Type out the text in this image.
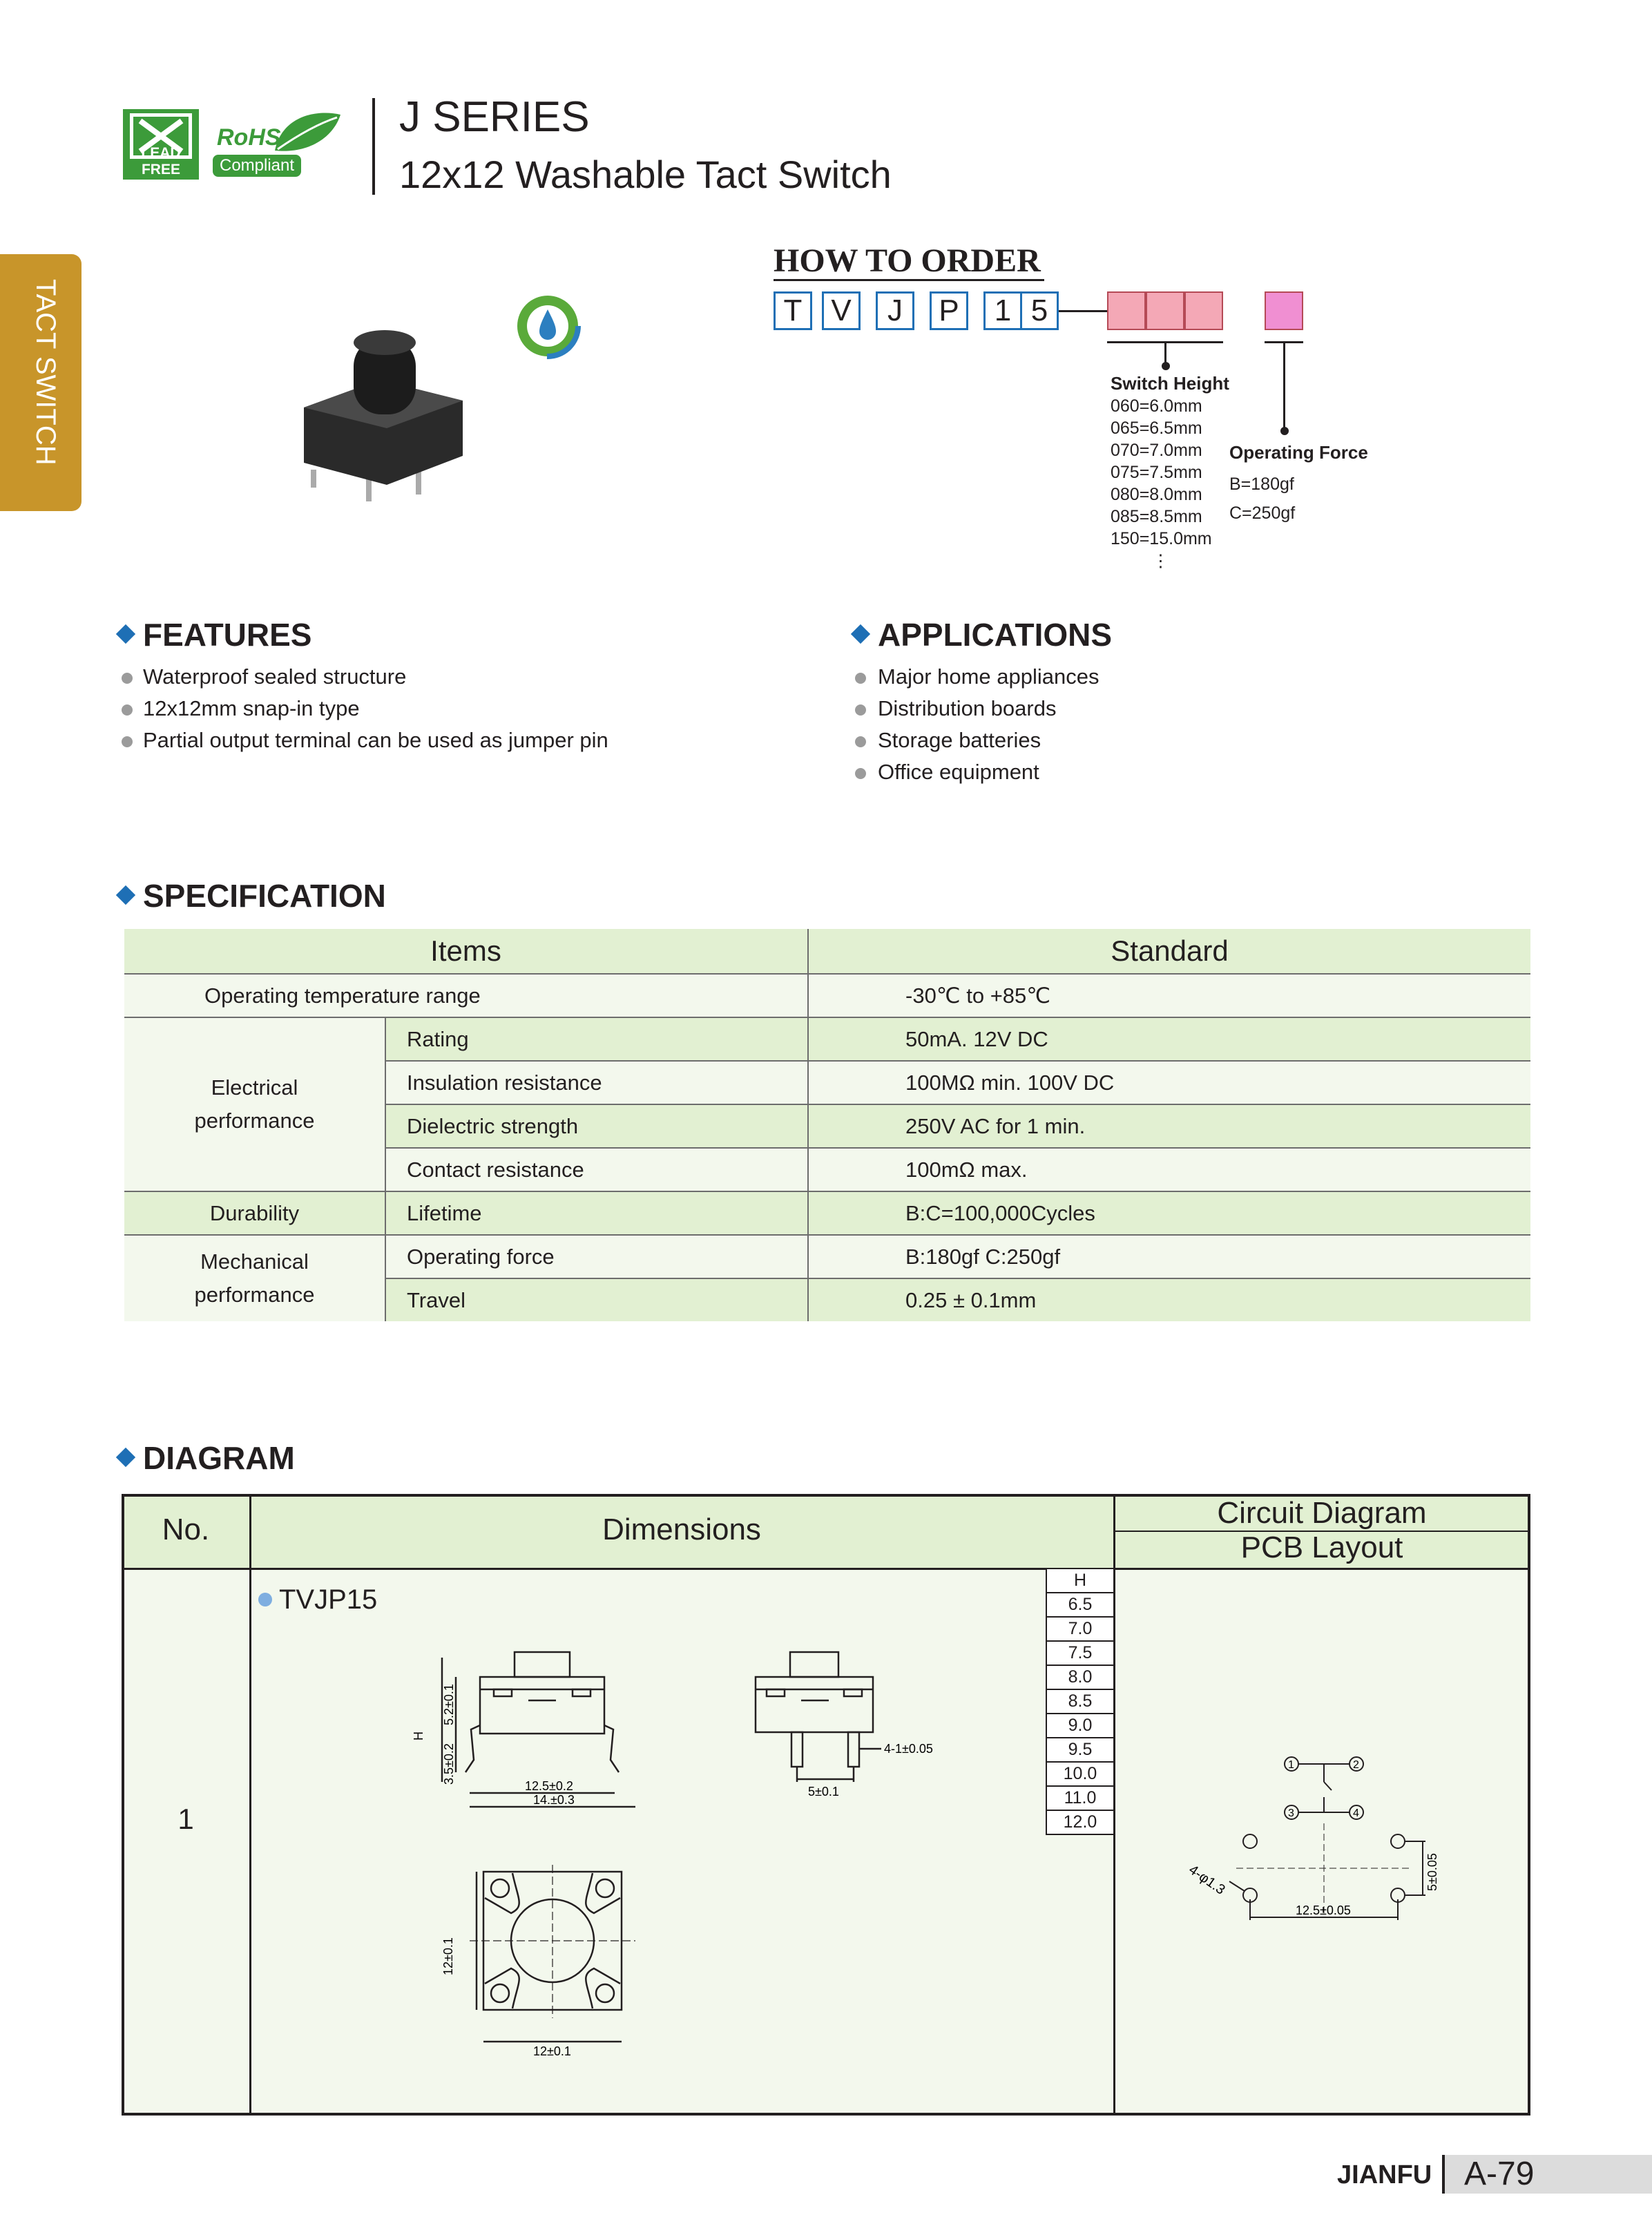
LEAD FREE
RoHS
Compliant
J SERIES
12x12 Washable Tact Switch
TACT SWITCH
HOW TO ORDER
T V	J	P	1 5
Switch Height
060=6.0mm
065=6.5mm
070=7.0mm
075=7.5mm
080=8.0mm
085=8.5mm
150=15.0mm
⋮
Operating Force
B=180gf
C=250gf
FEATURES
Waterproof sealed structure
12x12mm snap-in type
Partial output terminal can be used as jumper pin
APPLICATIONS
Major home appliances
Distribution boards
Storage batteries
Office equipment
SPECIFICATION
Items		Standard
Operating temperature range		-30℃ to +85℃

Electrical
performance	Rating	50mA. 12V DC
	Insulation resistance	100MΩ min. 100V DC
	Dielectric strength	250V AC for 1 min.
	Contact resistance	100mΩ max.
Durability	Lifetime	B:C=100,000Cycles

Mechanical
performance	Operating force	B:180gf C:250gf
	Travel	0.25 ± 0.1mm
DIAGRAM
No.	Dimensions	Circuit Diagram
PCB Layout
1
TVJP15
H
6.5
7.0
7.5
8.0
8.5
9.0
9.5
10.0
11.0
12.0
H
5.2±0.1
3.5±0.2
12.5±0.2
14.±0.3
5±0.1
4-1±0.05
12±0.1
12±0.1
1	2
3	4
4-φ1.3
12.5±0.05
5±0.05
JIANFU A-79
